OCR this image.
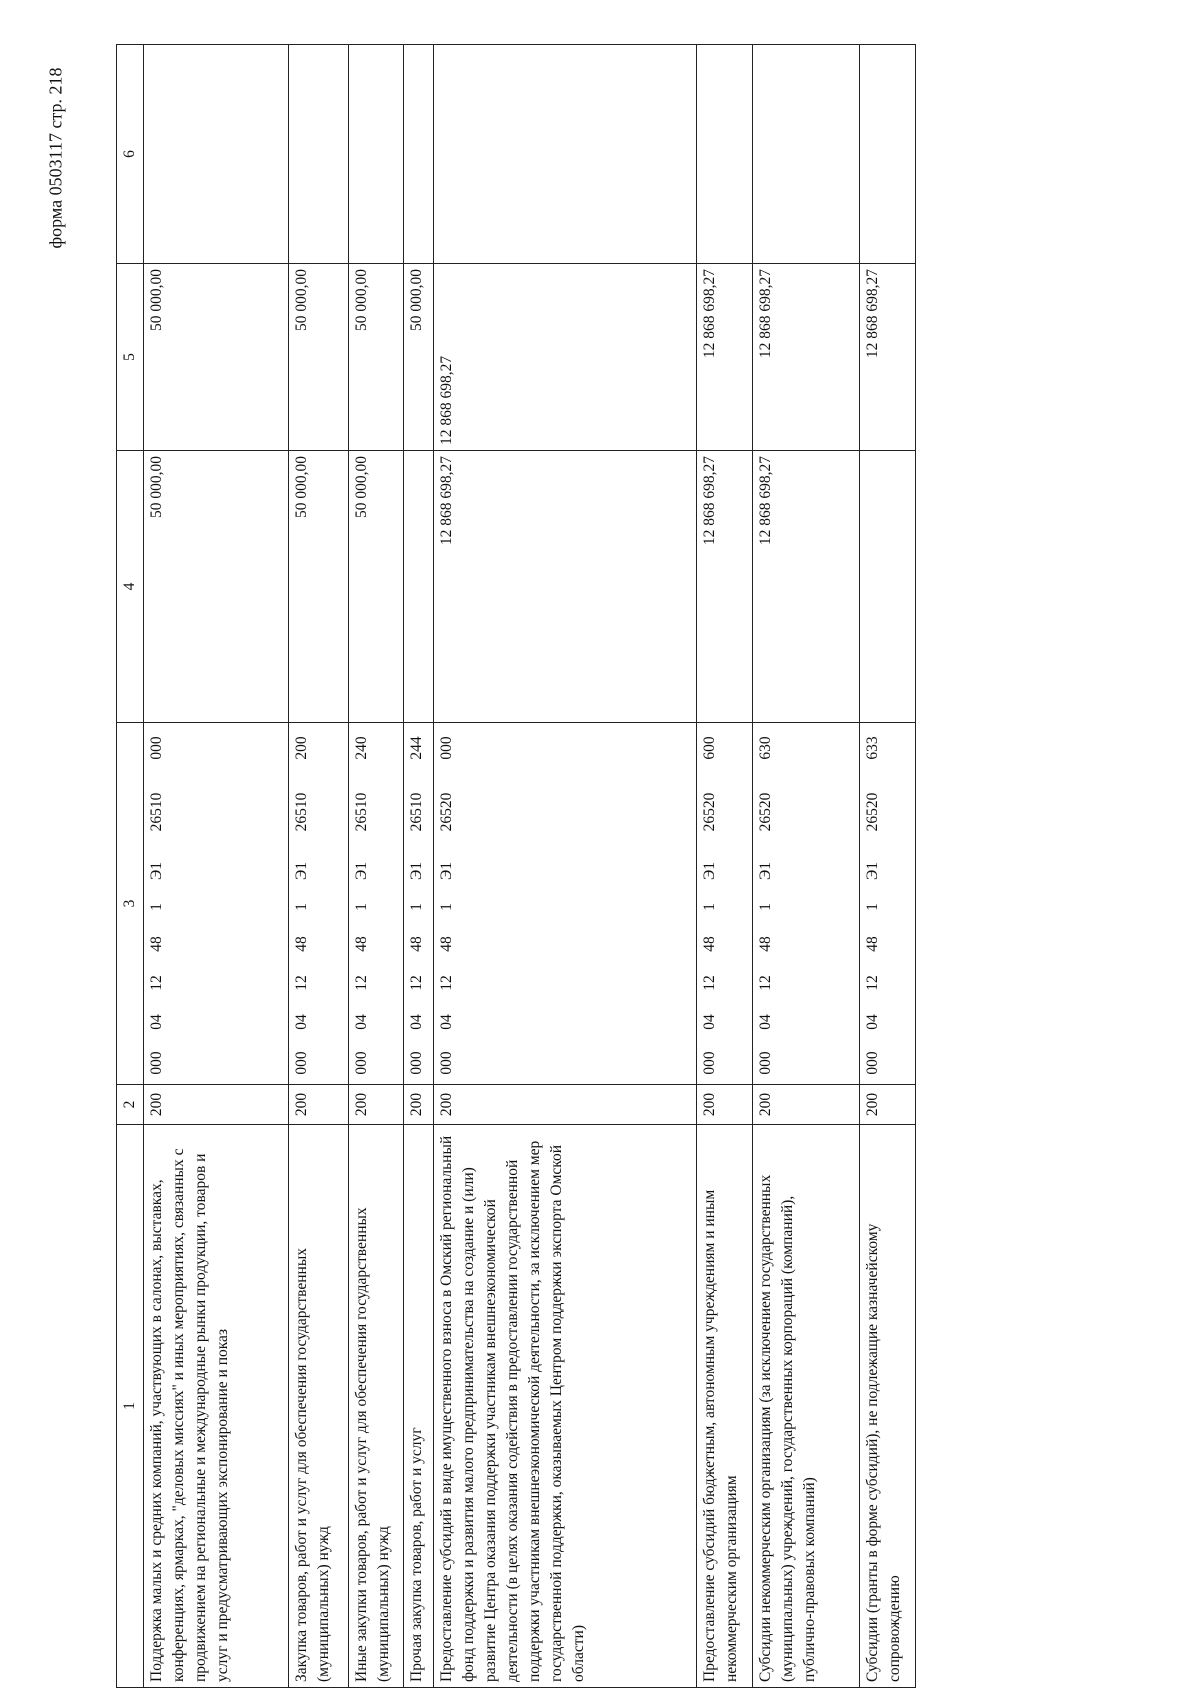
форма 0503117 стр. 218
1	2	3	4	5	6
Поддержка малых и средних компаний, участвующих в салонах, выставках, конференциях, ярмарках, "деловых миссиях" и иных мероприятиях, связанных с продвижением на региональные и международные рынки продукции, товаров и услуг и предусматривающих экспонирование и показ	200	0000412481Э126510000	50 000,00	50 000,00	
Закупка товаров, работ и услуг для обеспечения государственных (муниципальных) нужд	200	0000412481Э126510200	50 000,00	50 000,00	
Иные закупки товаров, работ и услуг для обеспечения государственных (муниципальных) нужд	200	0000412481Э126510240	50 000,00	50 000,00	
Прочая закупка товаров, работ и услуг	200	0000412481Э126510244		50 000,00	
Предоставление субсидий в виде имущественного взноса в Омский региональный фонд поддержки и развития малого предпринимательства на создание и (или) развитие Центра оказания поддержки участникам внешнеэкономической деятельности (в целях оказания содействия в предоставлении государственной поддержки участникам внешнеэкономической деятельности, за исключением мер государственной поддержки, оказываемых Центром поддержки экспорта Омской области)	200	0000412481Э126520000	12 868 698,27	12 868 698,27	
Предоставление субсидий бюджетным, автономным учреждениям и иным некоммерческим организациям	200	0000412481Э126520600	12 868 698,27	12 868 698,27	
Субсидии некоммерческим организациям (за исключением государственных (муниципальных) учреждений, государственных корпораций (компаний), публично-правовых компаний)	200	0000412481Э126520630	12 868 698,27	12 868 698,27	
Субсидии (гранты в форме субсидий), не подлежащие казначейскому сопровождению	200	0000412481Э126520633		12 868 698,27	
